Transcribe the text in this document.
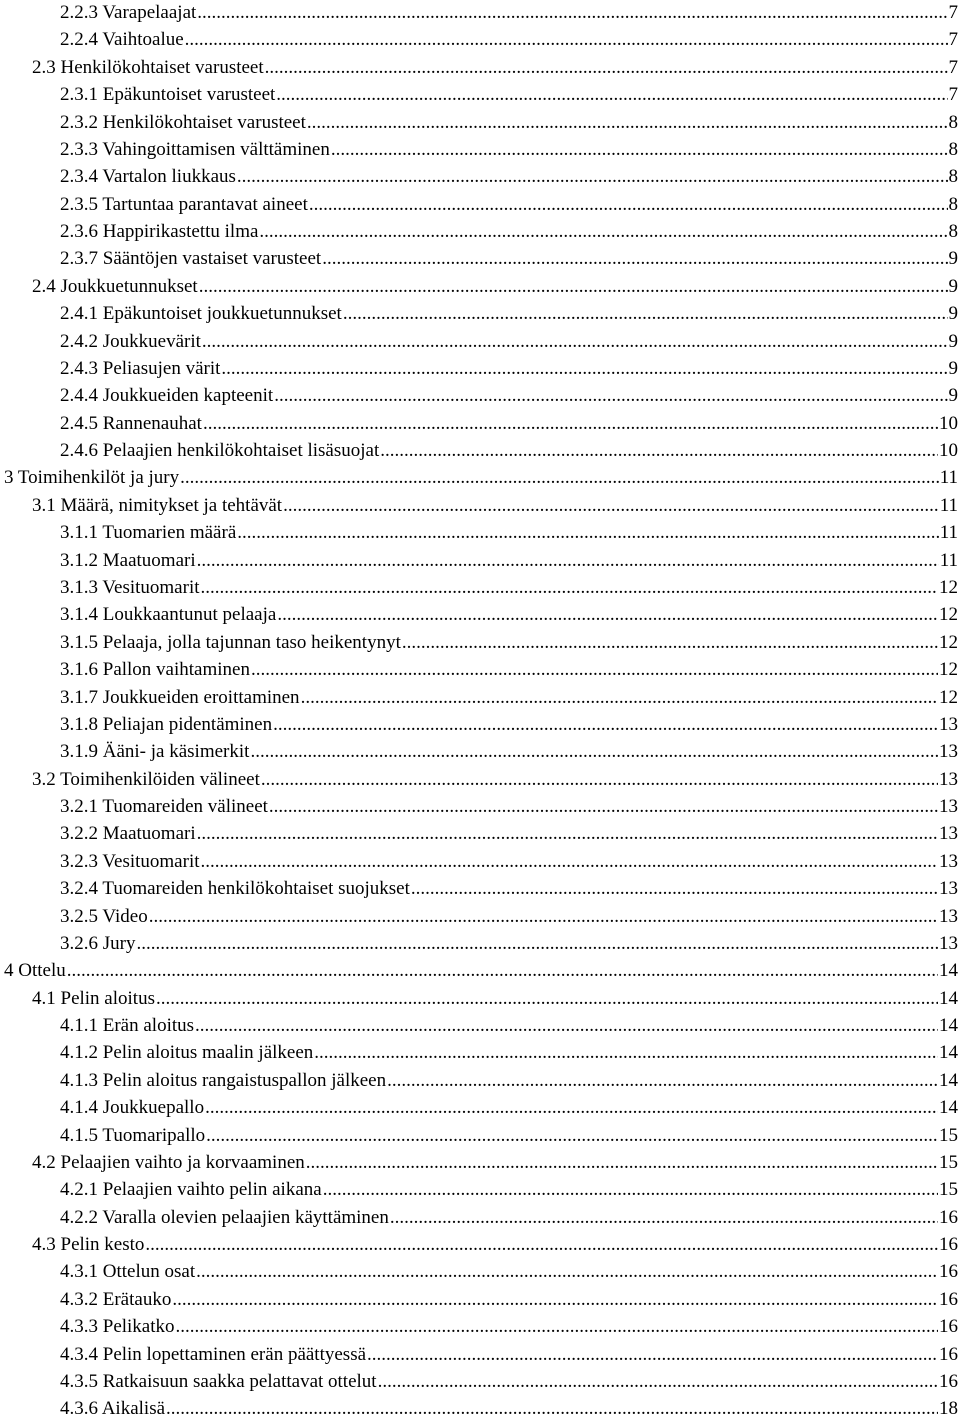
2.2.3 Varapelaajat .....	7
2.2.4 Vaihtoalue .....	7
2.3 Henkilökohtaiset varusteet .....	7
2.3.1 Epäkuntoiset varusteet .....	7
2.3.2 Henkilökohtaiset varusteet .....	8
2.3.3 Vahingoittamisen välttäminen .....	8
2.3.4 Vartalon liukkaus .....	8
2.3.5 Tartuntaa parantavat aineet .....	8
2.3.6 Happirikastettu ilma .....	8
2.3.7 Sääntöjen vastaiset varusteet .....	9
2.4 Joukkuetunnukset .....	9
2.4.1 Epäkuntoiset joukkuetunnukset .....	9
2.4.2 Joukkuevärit .....	9
2.4.3 Peliasujen värit .....	9
2.4.4 Joukkueiden kapteenit .....	9
2.4.5 Rannenauhat .....	10
2.4.6 Pelaajien henkilökohtaiset lisäsuojat .....	10
3 Toimihenkilöt ja jury .....	11
3.1 Määrä, nimitykset ja tehtävät .....	11
3.1.1 Tuomarien määrä .....	11
3.1.2 Maatuomari .....	11
3.1.3 Vesituomarit .....	12
3.1.4 Loukkaantunut pelaaja .....	12
3.1.5 Pelaaja, jolla tajunnan taso heikentynyt .....	12
3.1.6 Pallon vaihtaminen .....	12
3.1.7 Joukkueiden eroittaminen .....	12
3.1.8 Peliajan pidentäminen .....	13
3.1.9 Ääni- ja käsimerkit .....	13
3.2 Toimihenkilöiden välineet .....	13
3.2.1 Tuomareiden välineet .....	13
3.2.2 Maatuomari .....	13
3.2.3 Vesituomarit .....	13
3.2.4 Tuomareiden henkilökohtaiset suojukset .....	13
3.2.5 Video .....	13
3.2.6 Jury .....	13
4 Ottelu .....	14
4.1 Pelin aloitus .....	14
4.1.1 Erän aloitus .....	14
4.1.2 Pelin aloitus maalin jälkeen .....	14
4.1.3 Pelin aloitus rangaistuspallon jälkeen .....	14
4.1.4 Joukkuepallo .....	14
4.1.5 Tuomaripallo .....	15
4.2 Pelaajien vaihto ja korvaaminen .....	15
4.2.1 Pelaajien vaihto pelin aikana .....	15
4.2.2 Varalla olevien pelaajien käyttäminen .....	16
4.3 Pelin kesto .....	16
4.3.1 Ottelun osat .....	16
4.3.2 Erätauko .....	16
4.3.3 Pelikatko .....	16
4.3.4 Pelin lopettaminen erän päättyessä .....	16
4.3.5 Ratkaisuun saakka pelattavat ottelut .....	16
4.3.6 Aikalisä .....	18
